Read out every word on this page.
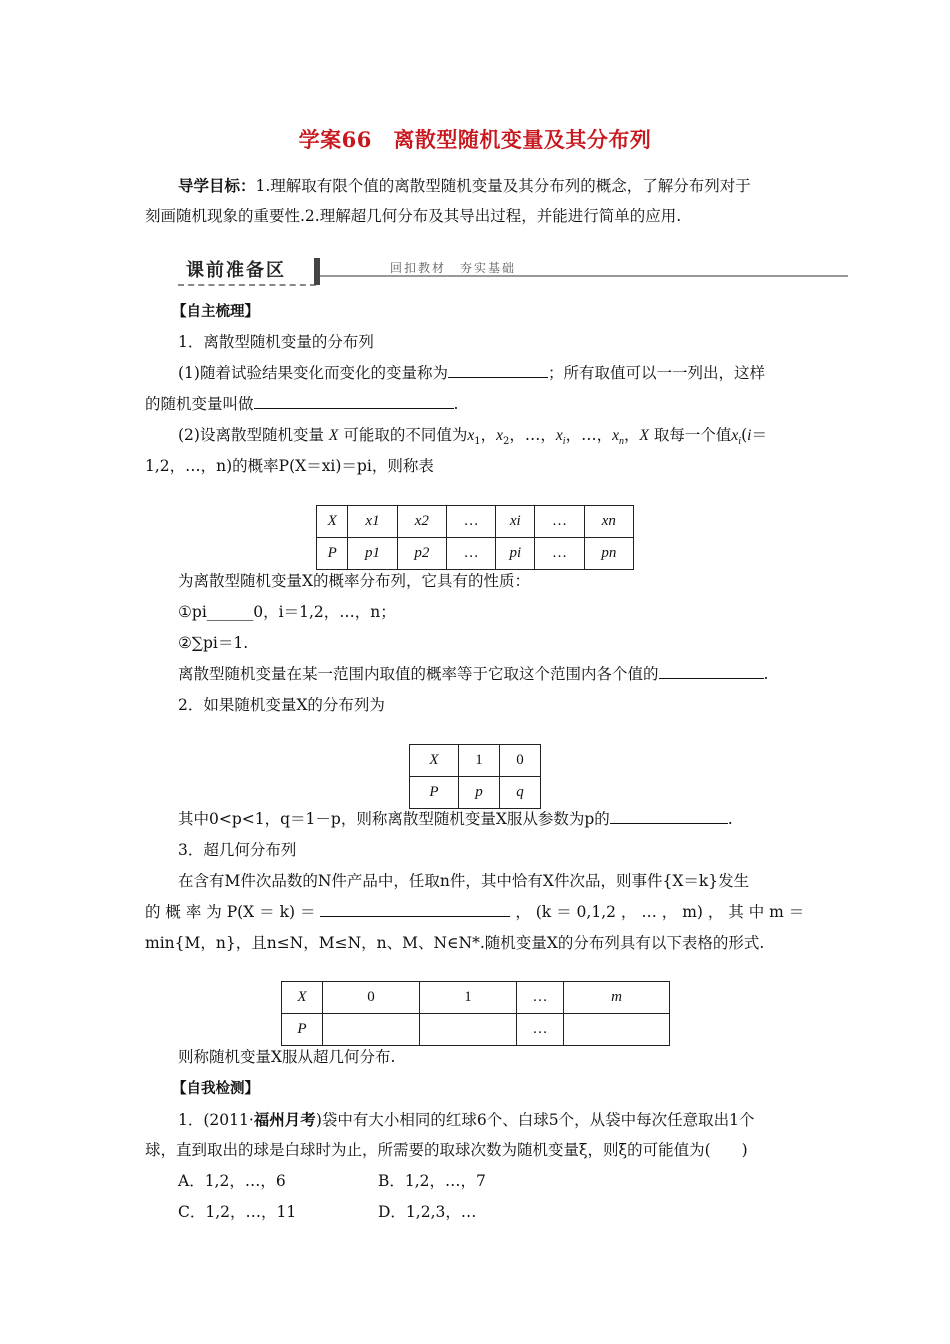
学案66　离散型随机变量及其分布列
导学目标：1.理解取有限个值的离散型随机变量及其分布列的概念，了解分布列对于
刻画随机现象的重要性.2.理解超几何分布及其导出过程，并能进行简单的应用.
课前准备区	回扣教材　夯实基础
【自主梳理】
1．离散型随机变量的分布列
(1)随着试验结果变化而变化的变量称为	；所有取值可以一一列出，这样
的随机变量叫做	.
(2)设离散型随机变量 X 可能取的不同值为$x_1$，$x_2$，…，$x_i$，…，$x_n$，X 取每一个值$x_i(i=$
1,2，…，n)的概率P(X＝xi)＝pi，则称表
X	x1	x2	…	xi	…	xn
P	p1	p2	…	pi	…	pn
为离散型随机变量X的概率分布列，它具有的性质：
①pi______0，i＝1,2，…，n；
②∑pi＝1.
离散型随机变量在某一范围内取值的概率等于它取这个范围内各个值的	.
2．如果随机变量X的分布列为
X	1	0
P	p	q
其中0<p<1，q＝1－p，则称离散型随机变量X服从参数为p的	.
3．超几何分布列
在含有M件次品数的N件产品中，任取n件，其中恰有X件次品，则事件{X＝k}发生
的 概 率 为 P(X ＝ k) ＝	， (k ＝ 0,1,2 ， … ， m) ， 其 中 m ＝
min{M，n}，且n≤N，M≤N，n、M、N∈N*.随机变量X的分布列具有以下表格的形式.
X	0	1	…	m
P			…	
则称随机变量X服从超几何分布.
【自我检测】
1．(2011·福州月考)袋中有大小相同的红球6个、白球5个，从袋中每次任意取出1个
球，直到取出的球是白球时为止，所需要的取球次数为随机变量ξ，则ξ的可能值为(　　)
A．1,2，…，6	B．1,2，…，7
C．1,2，…，11	D．1,2,3，…
